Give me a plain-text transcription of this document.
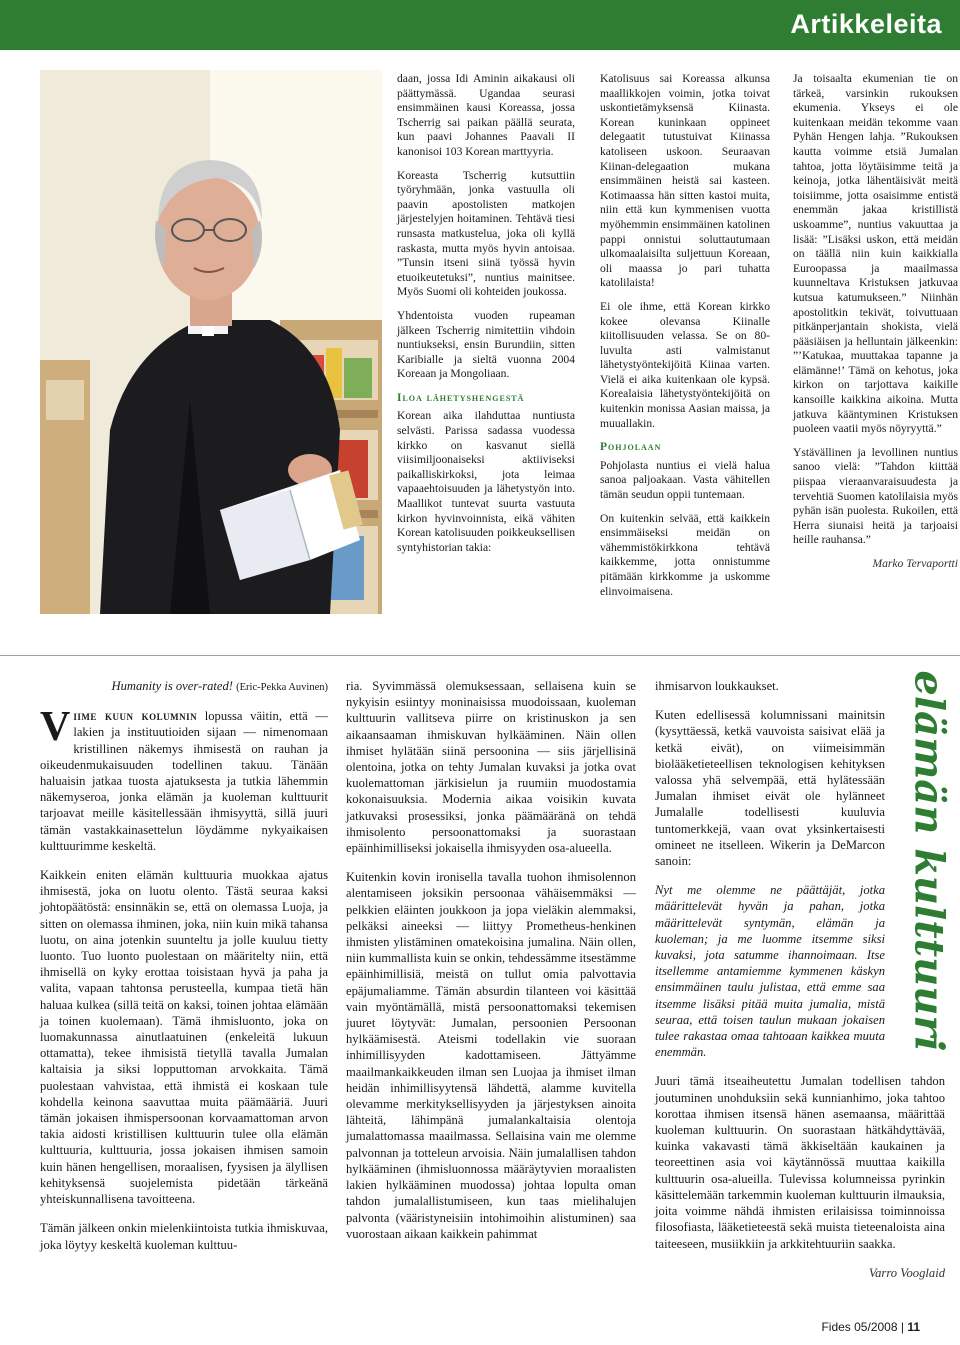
Artikkeleita

daan, jossa Idi Aminin aikakausi oli päättymässä. Ugandaa seurasi ensimmäinen kausi Koreassa, jossa Tscherrig sai paikan päällä seurata, kun paavi Johannes Paavali II kanonisoi 103 Korean marttyyria.

Koreasta Tscherrig kutsuttiin työryhmään, jonka vastuulla oli paavin apostolisten matkojen järjestelyjen hoitaminen. Tehtävä tiesi runsasta matkustelua, joka oli kyllä raskasta, mutta myös hyvin antoisaa. ”Tunsin itseni siinä työssä hyvin etuoikeutetuksi”, nuntius mainitsee. Myös Suomi oli kohteiden joukossa.

Yhdentoista vuoden rupeaman jälkeen Tscherrig nimitettiin vihdoin nuntiukseksi, ensin Burundiin, sitten Karibialle ja sieltä vuonna 2004 Koreaan ja Mongoliaan.

Iloa lähetyshengestä

Korean aika ilahduttaa nuntiusta selvästi. Parissa sadassa vuodessa kirkko on kasvanut siellä viisimiljoonaiseksi aktiiviseksi paikalliskirkoksi, jota leimaa vapaaehtoisuuden ja lähetystyön into. Maallikot tuntevat suurta vastuuta kirkon hyvinvoinnista, eikä vähiten Korean katolisuuden poikkeuksellisen syntyhistorian takia:

Katolisuus sai Koreassa alkunsa maallikkojen voimin, jotka toivat uskontietämyksensä Kiinasta. Korean kuninkaan oppineet delegaatit tutustuivat Kiinassa katoliseen uskoon. Seuraavan Kiinan-delegaation mukana ensimmäinen heistä sai kasteen. Kotimaassa hän sitten kastoi muita, niin että kun kymmenisen vuotta myöhemmin ensimmäinen katolinen pappi onnistui soluttautumaan ulkomaalaisilta suljettuun Koreaan, oli maassa jo pari tuhatta katolilaista!

Ei ole ihme, että Korean kirkko kokee olevansa Kiinalle kiitollisuuden velassa. Se on 80-luvulta asti valmistanut lähetystyöntekijöitä Kiinaa varten. Vielä ei aika kuitenkaan ole kypsä. Korealaisia lähetystyöntekijöitä on kuitenkin monissa Aasian maissa, ja muuallakin.

Pohjolaan

Pohjolasta nuntius ei vielä halua sanoa paljoakaan. Vasta vähitellen tämän seudun oppii tuntemaan.

On kuitenkin selvää, että kaikkein ensimmäiseksi meidän on vähemmistökirkkona tehtävä kaikkemme, jotta onnistumme pitämään kirkkomme ja uskomme elinvoimaisena.

Ja toisaalta ekumenian tie on tärkeä, varsinkin rukouksen ekumenia. Ykseys ei ole kuitenkaan meidän tekomme vaan Pyhän Hengen lahja. ”Rukouksen kautta voimme etsiä Jumalan tahtoa, jotta löytäisimme teitä ja keinoja, jotka lähentäisivät meitä toisiimme, jotta osaisimme entistä enemmän jakaa kristillistä uskoamme”, nuntius vakuuttaa ja lisää: ”Lisäksi uskon, että meidän on täällä niin kuin kaikkialla Euroopassa ja maailmassa kuunneltava Kristuksen jatkuvaa kutsua katumukseen.” Niinhän apostolitkin tekivät, toivuttuaan pitkänperjantain shokista, vielä pääsiäisen ja helluntain jälkeenkin: ”’Katukaa, muuttakaa tapanne ja elämänne!’ Tämä on kehotus, joka kirkon on tarjottava kaikille kansoille kaikkina aikoina. Mutta jatkuva kääntyminen Kristuksen puoleen vaatii myös nöyryyttä.”

Ystävällinen ja levollinen nuntius sanoo vielä: ”Tahdon kiittää piispaa vieraanvaraisuudesta ja tervehtiä Suomen katolilaisia myös pyhän isän puolesta. Rukoilen, että Herra siunaisi heitä ja tarjoaisi heille rauhansa.”

Marko Tervaportti

Humanity is over-rated! (Eric-Pekka Auvinen)

Viime kuun kolumnin lopussa väitin, että — lakien ja instituutioiden sijaan — nimenomaan kristillinen näkemys ihmisestä on rauhan ja oikeudenmukaisuuden todellinen takuu. Tänään haluaisin jatkaa tuosta ajatuksesta ja tutkia lähemmin näkemyseroa, jonka elämän ja kuoleman kulttuurit tarjoavat meille käsitellessään ihmisyyttä, sillä juuri tämän vastakkainasettelun löydämme nykyaikaisen kulttuurimme keskeltä.

Kaikkein eniten elämän kulttuuria muokkaa ajatus ihmisestä, joka on luotu olento. Tästä seuraa kaksi johtopäätöstä: ensinnäkin se, että on olemassa Luoja, ja sitten on olemassa ihminen, joka, niin kuin mikä tahansa luotu, on aina jotenkin suunteltu ja jolle kuuluu tietty luonto. Tuo luonto puolestaan on määritelty niin, että ihmisellä on kyky erottaa toisistaan hyvä ja paha ja valita, vapaan tahtonsa perusteella, kumpaa tietä hän haluaa kulkea (sillä teitä on kaksi, toinen johtaa elämään ja toinen kuolemaan). Tämä ihmisluonto, joka on luomakunnassa ainutlaatuinen (enkeleitä lukuun ottamatta), tekee ihmisistä tietyllä tavalla Jumalan kaltaisia ja siksi lopputtoman arvokkaita. Tämä puolestaan vahvistaa, että ihmistä ei koskaan tule kohdella keinona saavuttaa muita päämääriä. Juuri tämän jokaisen ihmispersoonan korvaamattoman arvon takia aidosti kristillisen kulttuurin tulee olla elämän kulttuuria, kulttuuria, jossa jokaisen ihmisen samoin kuin hänen hengellisen, moraalisen, fyysisen ja älyllisen kehityksensä suojelemista pidetään tärkeänä yhteiskunnallisena tavoitteena.

Tämän jälkeen onkin mielenkiintoista tutkia ihmiskuvaa, joka löytyy keskeltä kuoleman kulttuu-

ria. Syvimmässä olemuksessaan, sellaisena kuin se nykyisin esiintyy moninaisissa muodoissaan, kuoleman kulttuurin vallitseva piirre on kristinuskon ja sen aikaansaaman ihmiskuvan hylkääminen. Näin ollen ihmiset hylätään siinä persoonina — siis järjellisinä olentoina, jotka on tehty Jumalan kuvaksi ja jotka ovat kuolemattoman järkisielun ja ruumiin muodostamia kokonaisuuksia. Modernia aikaa voisikin kuvata jatkuvaksi prosessiksi, jonka päämääränä on tehdä ihmisolento persoonattomaksi ja suorastaan epäinhimilliseksi jokaisella ihmisyyden osa-alueella.

Kuitenkin kovin ironisella tavalla tuohon ihmisolennon alentamiseen joksikin persoonaa vähäisemmäksi — pelkkien eläinten joukkoon ja jopa vieläkin alemmaksi, pelkäksi aineeksi — liittyy Prometheus-henkinen ihmisten ylistäminen omatekoisina jumalina. Näin ollen, niin kummallista kuin se onkin, tehdessämme itsestämme epäinhimillisiä, meistä on tullut omia palvottavia epäjumaliamme. Tämän absurdin tilanteen voi käsittää vain myöntämällä, mistä persoonattomaksi tekemisen juuret löytyvät: Jumalan, persoonien Persoonan hylkäämisestä. Ateismi todellakin vie suoraan inhimillisyyden kadottamiseen. Jättyämme maailmankaikkeuden ilman sen Luojaa ja ihmiset ilman heidän inhimillisyytensä lähdettä, alamme kuvitella olevamme merkityksellisyyden ja järjestyksen ainoita lähteitä, lähimpänä jumalankaltaisia olentoja jumalattomassa maailmassa. Sellaisina vain me olemme palvonnan ja totteleun arvoisia. Näin jumalallisen tahdon hylkääminen (ihmisluonnossa määräytyvien moraalisten lakien hylkääminen muodossa) johtaa lopulta oman tahdon jumalallistumiseen, kun taas mielihalujen palvonta (vääristyneisiin intohimoihin alistuminen) saa vuorostaan aikaan kaikkein pahimmat

ihmisarvon loukkaukset.

Kuten edellisessä kolumnissani mainitsin (kysyttäessä, ketkä vauvoista saisivat elää ja ketkä eivät), on viimeisimmän biolääketieteellisen teknologisen kehityksen valossa yhä selvempää, että hylätessään Jumalan ihmiset eivät ole hylänneet Jumalalle todellisesti kuuluvia tuntomerkkejä, vaan ovat yksinkertaisesti omineet ne itselleen. Wikerin ja DeMarcon sanoin:

Nyt me olemme ne päättäjät, jotka määrittelevät hyvän ja pahan, jotka määrittelevät syntymän, elämän ja kuoleman; ja me luomme itsemme siksi kuvaksi, jota satumme ihannoimaan. Itse itsellemme antamiemme kymmenen käskyn ensimmäinen taulu julistaa, että emme saa itsemme lisäksi pitää muita jumalia, mistä seuraa, että toisen taulun mukaan jokaisen tulee rakastaa omaa tahtoaan kaikkea muuta enemmän.

Juuri tämä itseaiheutettu Jumalan todellisen tahdon joutuminen unohduksiin sekä kunnianhimo, joka tahtoo korottaa ihmisen itsensä hänen asemaansa, määrittää kuoleman kulttuurin. On suorastaan hätkähdyttävää, kuinka vakavasti tämä äkkiseltään kaukainen ja teoreettinen asia voi käytännössä muuttaa kaikilla kulttuurin osa-alueilla. Tulevissa kolumneissa pyrinkin käsittelemään tarkemmin kuoleman kulttuurin ilmauksia, joita voimme nähdä ihmisten erilaisissa toiminnoissa filosofiasta, lääketieteestä sekä muista tieteenaloista aina taiteeseen, musiikkiin ja arkkitehtuuriin saakka.

Varro Vooglaid

elämän kulttuuri
Fides 05/2008 | 11
